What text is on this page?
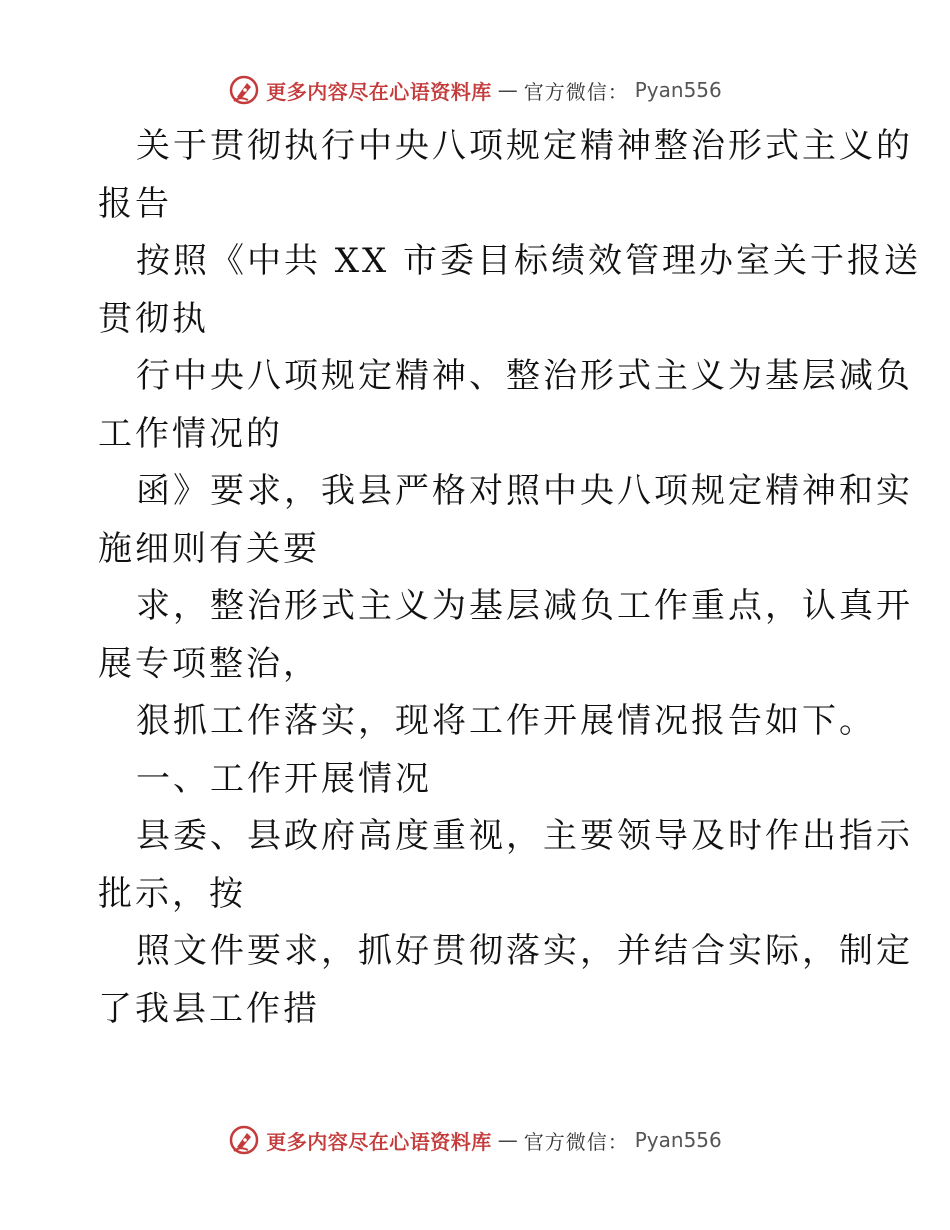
更多内容尽在心语资料库 — 官方微信： Pyan556
关于贯彻执行中央八项规定精神整治形式主义的
报告
按照《中共 XX 市委目标绩效管理办室关于报送
贯彻执
行中央八项规定精神、整治形式主义为基层减负
工作情况的
函》要求，我县严格对照中央八项规定精神和实
施细则有关要
求，整治形式主义为基层减负工作重点，认真开
展专项整治，
狠抓工作落实，现将工作开展情况报告如下。
一、工作开展情况
县委、县政府高度重视，主要领导及时作出指示
批示，按
照文件要求，抓好贯彻落实，并结合实际，制定
了我县工作措
更多内容尽在心语资料库 — 官方微信： Pyan556
